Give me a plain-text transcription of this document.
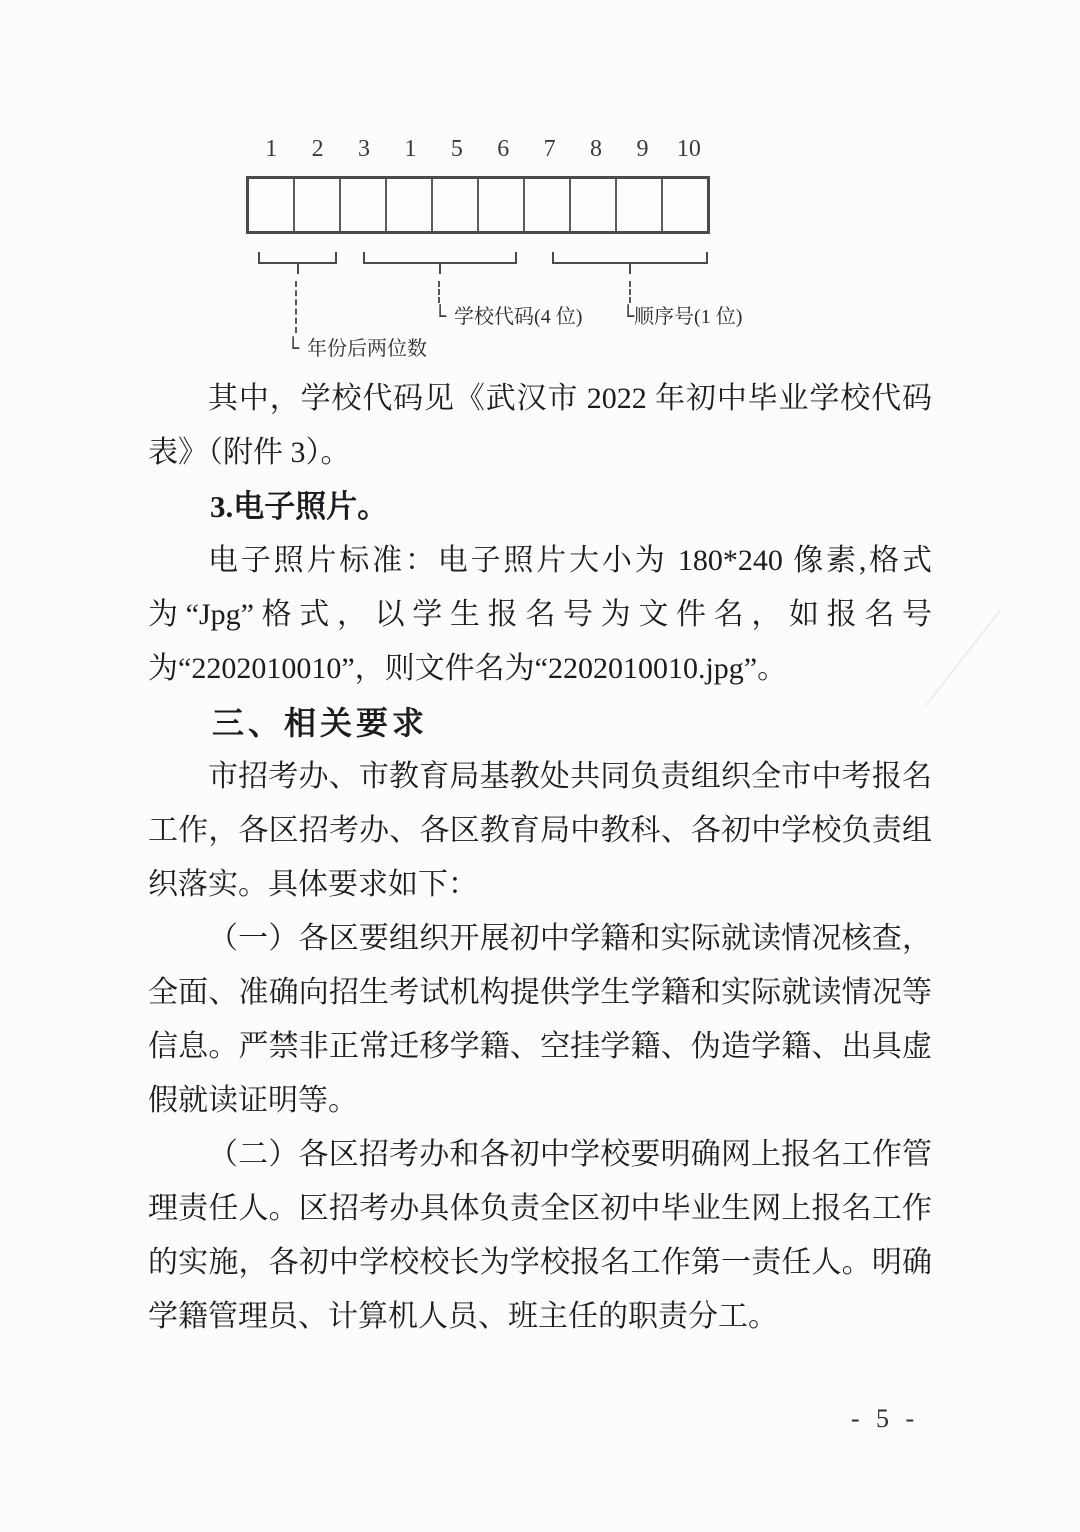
1	2	3	1	5	6	7	8	9	10
└ 学校代码(4 位) └顺序号(1 位)
└ 年份后两位数

其中，学校代码见《武汉市 2022 年初中毕业学校代码表》（附件 3）。

3.电子照片。

电子照片标准：电子照片大小为 180*240 像素,格式为“Jpg”格式，以学生报名号为文件名，如报名号为“2202010010”，则文件名为“2202010010.jpg”。

三、相关要求

市招考办、市教育局基教处共同负责组织全市中考报名工作，各区招考办、各区教育局中教科、各初中学校负责组织落实。具体要求如下：

（一）各区要组织开展初中学籍和实际就读情况核查，全面、准确向招生考试机构提供学生学籍和实际就读情况等信息。严禁非正常迁移学籍、空挂学籍、伪造学籍、出具虚假就读证明等。

（二）各区招考办和各初中学校要明确网上报名工作管理责任人。区招考办具体负责全区初中毕业生网上报名工作的实施，各初中学校校长为学校报名工作第一责任人。明确学籍管理员、计算机人员、班主任的职责分工。

- 5 -
